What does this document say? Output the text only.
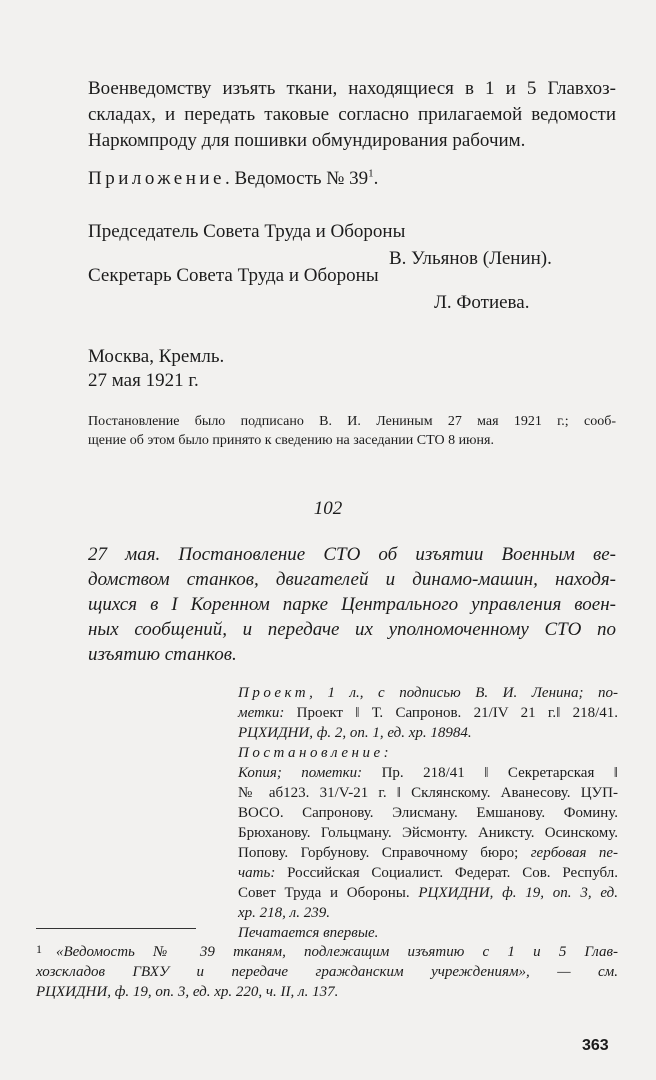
Военведомству изъять ткани, находящиеся в 1 и 5 Главхоз-
складах, и передать таковые согласно прилагаемой ведомости
Наркомпроду для пошивки обмундирования рабочим.
Приложение. Ведомость № $39^1$.
Председатель Совета Труда и Обороны
В. Ульянов (Ленин).
Секретарь Совета Труда и Обороны
Л. Фотиева.
Москва, Кремль.
27 мая 1921 г.
Постановление было подписано В. И. Лениным 27 мая 1921 г.; сооб-
щение об этом было принято к сведению на заседании СТО 8 июня.
102
27 мая. Постановление СТО об изъятии Военным ве-
домством станков, двигателей и динамо-машин, находя-
щихся в I Коренном парке Центрального управления воен-
ных сообщений, и передаче их уполномоченному СТО по
изъятию станков.
Проект, 1 л., с подписью В. И. Ленина; по-
метки: Проект ‖ Т. Сапронов. 21/IV 21 г.‖ 218/41.
РЦХИДНИ, ф. 2, оп. 1, ед. хр. 18984.
Постановление:
Копия; пометки: Пр. 218/41 ‖ Секретарская ‖
№ аб123. 31/V-21 г. ‖ Склянскому. Аванесову. ЦУП-
ВОСО. Сапронову. Элисману. Емшанову. Фомину.
Брюханову. Гольцману. Эйсмонту. Аниксту. Осинскому.
Попову. Горбунову. Справочному бюро; гербовая пе-
чать: Российская Социалист. Федерат. Сов. Республ.
Совет Труда и Обороны. РЦХИДНИ, ф. 19, оп. 3, ед.
хр. 218, л. 239.
Печатается впервые.
1 «Ведомость № 39 тканям, подлежащим изъятию с 1 и 5 Глав-
хозскладов ГВХУ и передаче гражданским учреждениям», — см.
РЦХИДНИ, ф. 19, оп. 3, ед. хр. 220, ч. II, л. 137.
363
